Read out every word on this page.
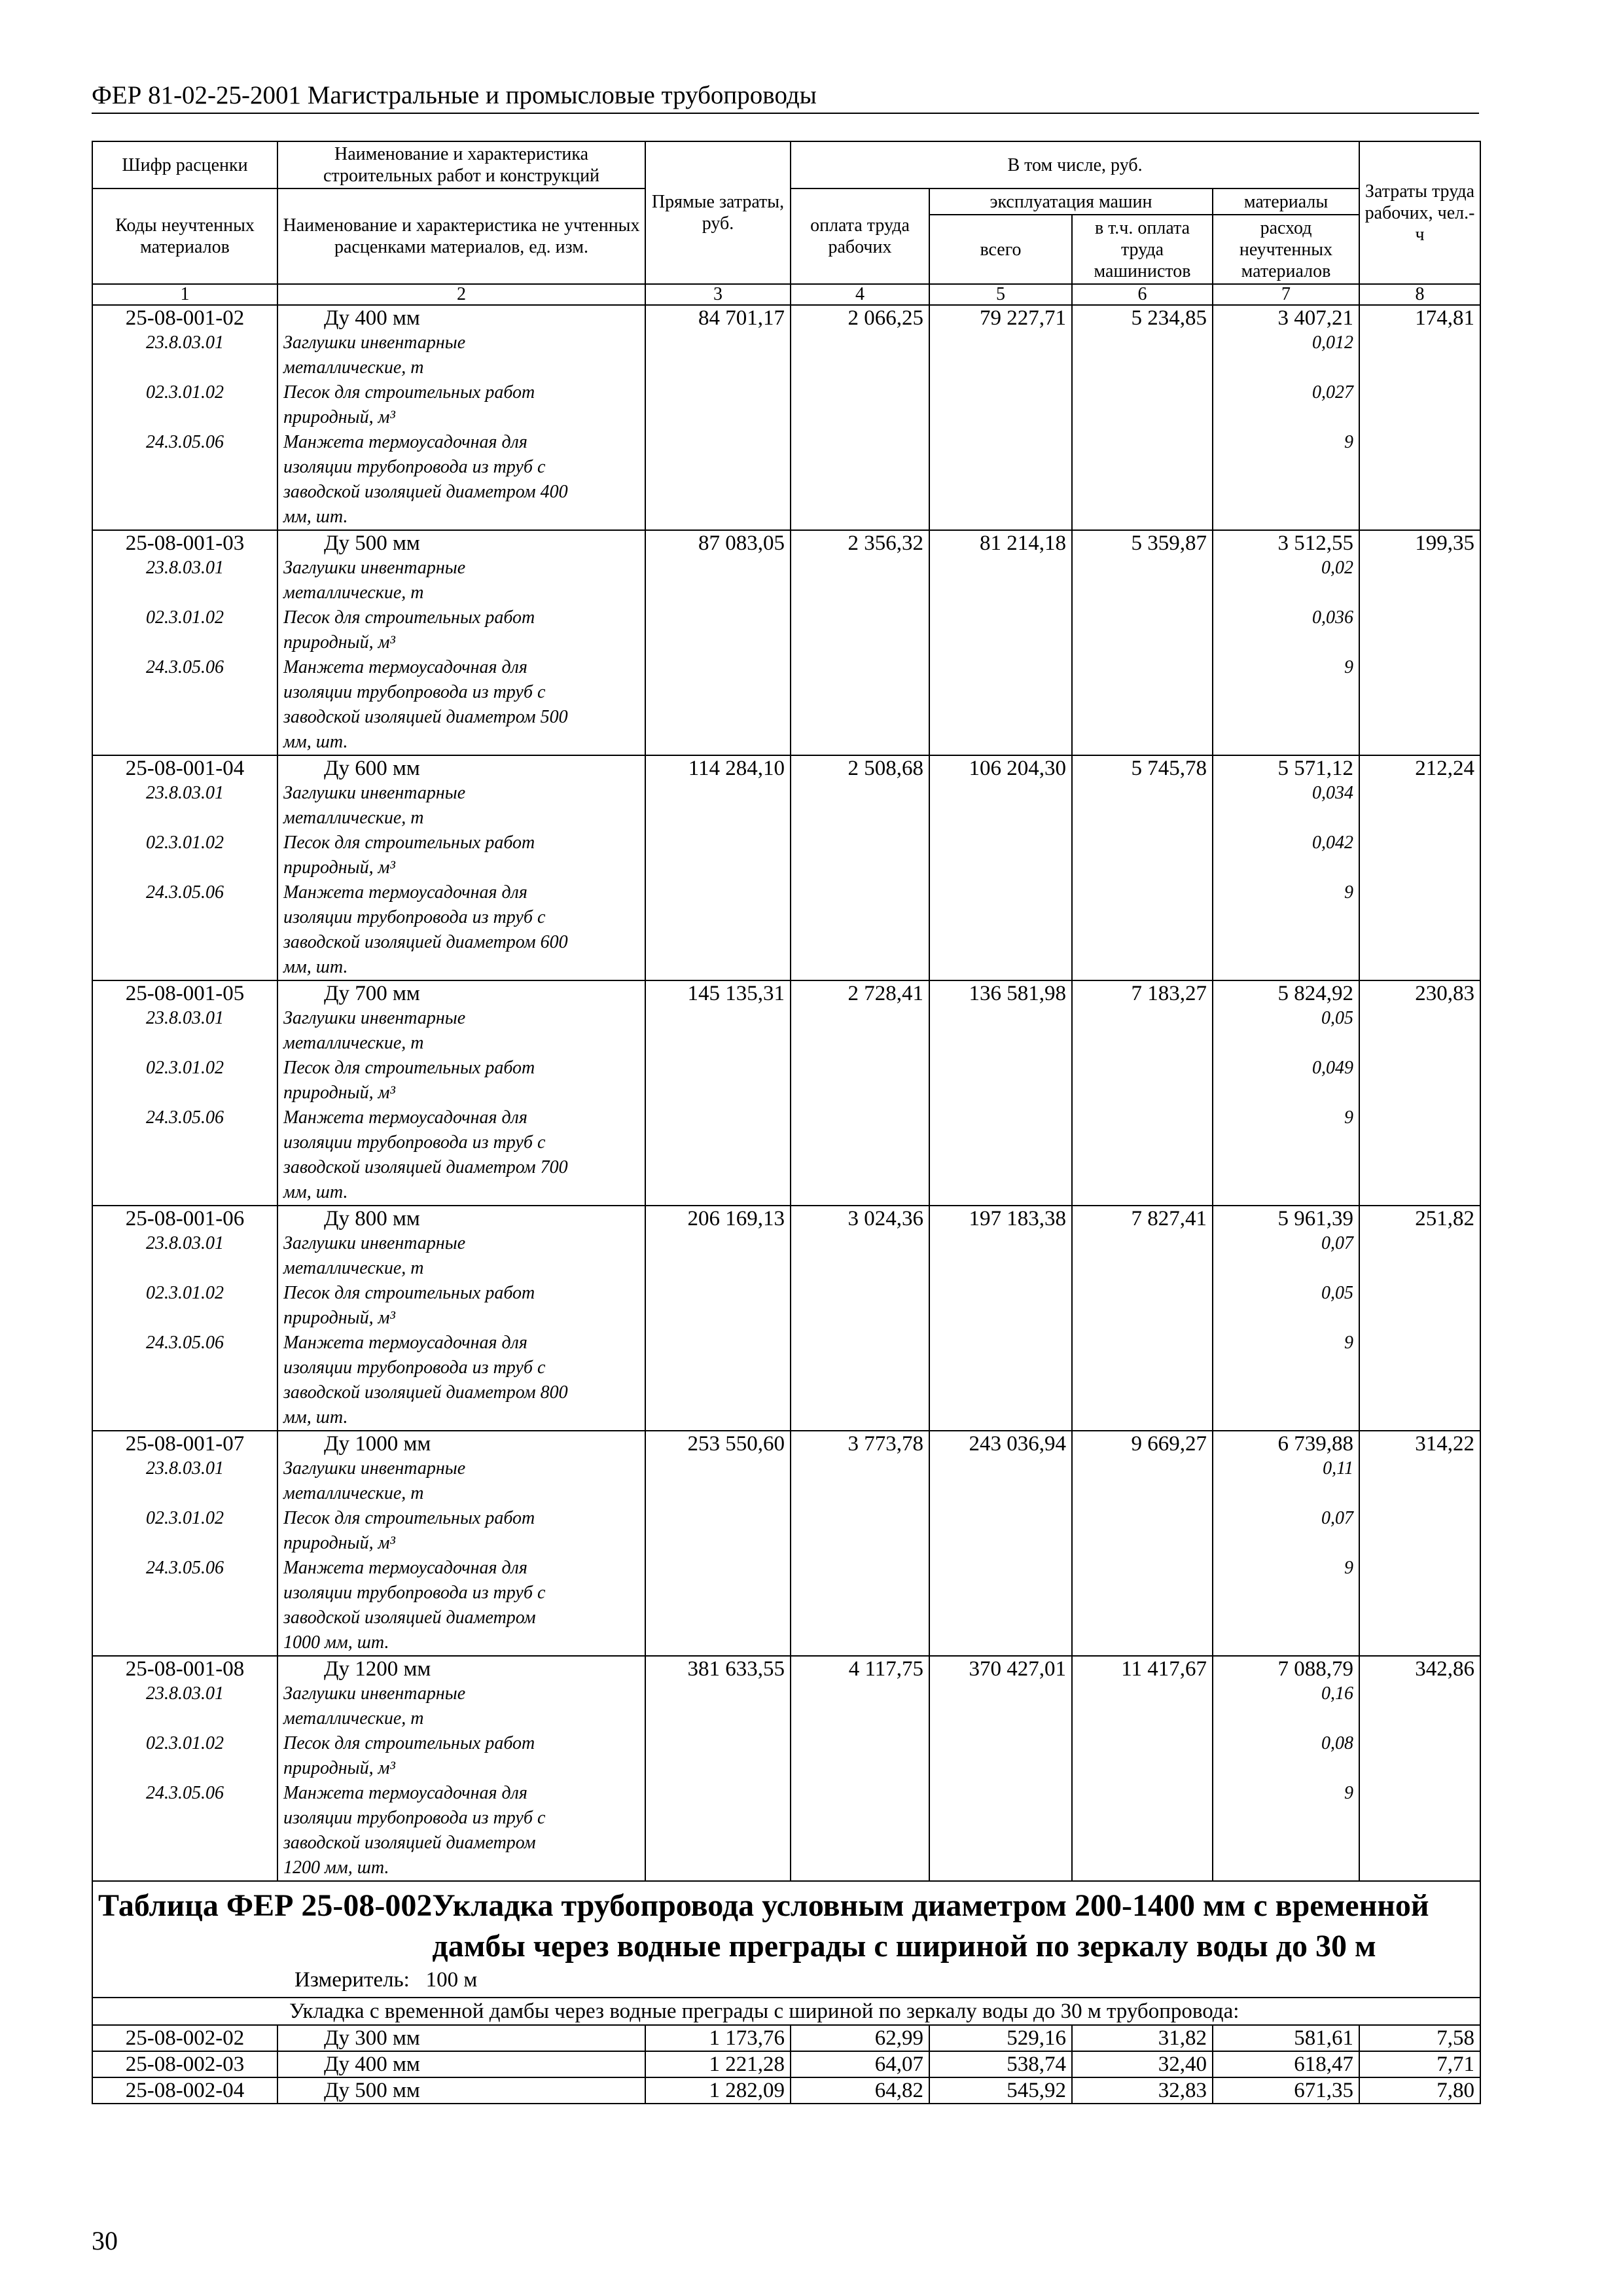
ФЕР 81-02-25-2001 Магистральные и промысловые трубопроводы
Шифр расценки	Наименование и характеристика строительных работ и конструкций	Прямые затраты, руб.	В том числе, руб.				Затраты труда рабочих, чел.-ч
Коды неучтенных материалов	Наименование и характеристика не учтенных расценками материалов, ед. изм.		оплата труда рабочих	эксплуатация машин		материалы	
				всего	в т.ч. оплата труда машинистов	расход неучтенных материалов	
1	2	3	4	5	6	7	8
25-08-001-02	Ду 400 мм	84 701,17	2 066,25	79 227,71	5 234,85	3 407,21	174,81
23.8.03.01	Заглушки инвентарные
металлические, т					0,012	
02.3.01.02	Песок для строительных работ
природный, м³					0,027	
24.3.05.06	Манжета термоусадочная для
изоляции трубопровода из труб с
заводской изоляцией диаметром 400
мм, шт.					9	
25-08-001-03	Ду 500 мм	87 083,05	2 356,32	81 214,18	5 359,87	3 512,55	199,35
23.8.03.01	Заглушки инвентарные
металлические, т					0,02	
02.3.01.02	Песок для строительных работ
природный, м³					0,036	
24.3.05.06	Манжета термоусадочная для
изоляции трубопровода из труб с
заводской изоляцией диаметром 500
мм, шт.					9	
25-08-001-04	Ду 600 мм	114 284,10	2 508,68	106 204,30	5 745,78	5 571,12	212,24
23.8.03.01	Заглушки инвентарные
металлические, т					0,034	
02.3.01.02	Песок для строительных работ
природный, м³					0,042	
24.3.05.06	Манжета термоусадочная для
изоляции трубопровода из труб с
заводской изоляцией диаметром 600
мм, шт.					9	
25-08-001-05	Ду 700 мм	145 135,31	2 728,41	136 581,98	7 183,27	5 824,92	230,83
23.8.03.01	Заглушки инвентарные
металлические, т					0,05	
02.3.01.02	Песок для строительных работ
природный, м³					0,049	
24.3.05.06	Манжета термоусадочная для
изоляции трубопровода из труб с
заводской изоляцией диаметром 700
мм, шт.					9	
25-08-001-06	Ду 800 мм	206 169,13	3 024,36	197 183,38	7 827,41	5 961,39	251,82
23.8.03.01	Заглушки инвентарные
металлические, т					0,07	
02.3.01.02	Песок для строительных работ
природный, м³					0,05	
24.3.05.06	Манжета термоусадочная для
изоляции трубопровода из труб с
заводской изоляцией диаметром 800
мм, шт.					9	
25-08-001-07	Ду 1000 мм	253 550,60	3 773,78	243 036,94	9 669,27	6 739,88	314,22
23.8.03.01	Заглушки инвентарные
металлические, т					0,11	
02.3.01.02	Песок для строительных работ
природный, м³					0,07	
24.3.05.06	Манжета термоусадочная для
изоляции трубопровода из труб с
заводской изоляцией диаметром
1000 мм, шт.					9	
25-08-001-08	Ду 1200 мм	381 633,55	4 117,75	370 427,01	11 417,67	7 088,79	342,86
23.8.03.01	Заглушки инвентарные
металлические, т					0,16	
02.3.01.02	Песок для строительных работ
природный, м³					0,08	
24.3.05.06	Манжета термоусадочная для
изоляции трубопровода из труб с
заводской изоляцией диаметром
1200 мм, шт.					9	

Таблица ФЕР 25-08-002 Укладка трубопровода условным диаметром 200-1400 мм с временной дамбы через водные преграды с шириной по зеркалу воды до 30 м
Измеритель: 100 м							

Укладка с временной дамбы через водные преграды с шириной по зеркалу воды до 30 м трубопровода:							
25-08-002-02	Ду 300 мм	1 173,76	62,99	529,16	31,82	581,61	7,58
25-08-002-03	Ду 400 мм	1 221,28	64,07	538,74	32,40	618,47	7,71
25-08-002-04	Ду 500 мм	1 282,09	64,82	545,92	32,83	671,35	7,80
30
